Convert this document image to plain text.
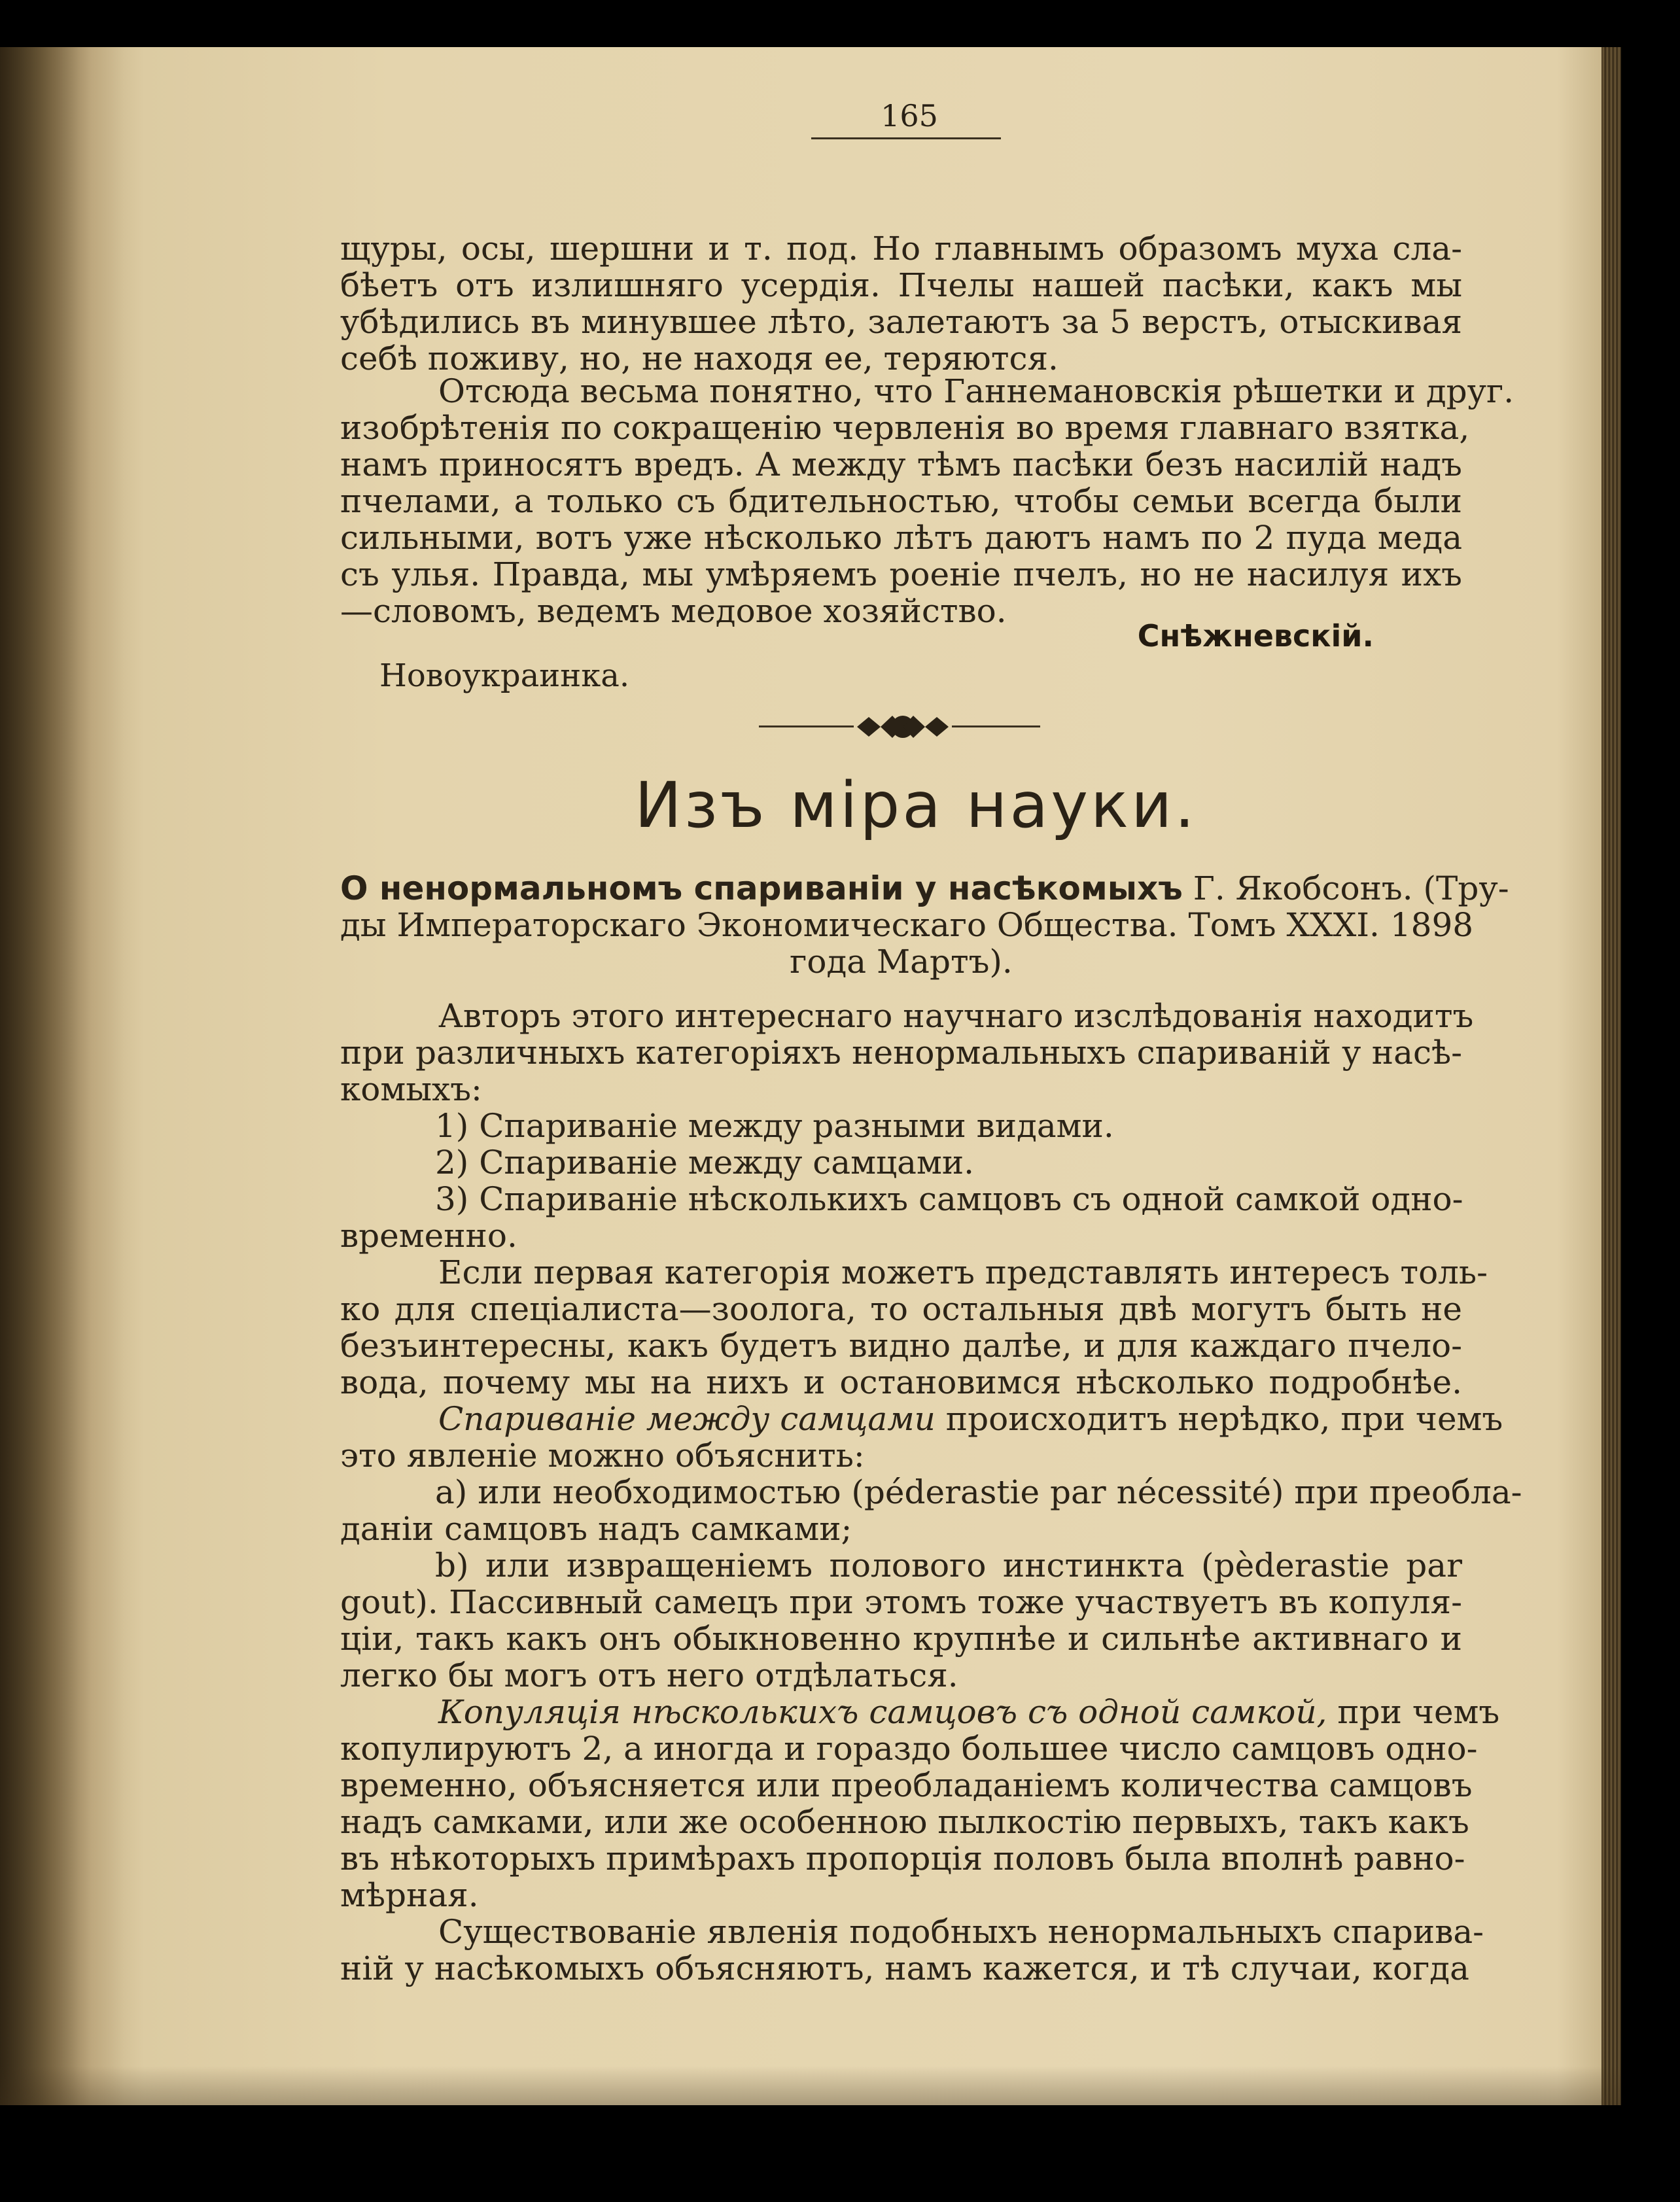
165
щуры, осы, шершни и т. под. Но главнымъ образомъ муха сла-
бѣетъ отъ излишняго усердія. Пчелы нашей пасѣки, какъ мы
убѣдились въ минувшее лѣто, залетаютъ за 5 верстъ, отыскивая
себѣ поживу, но, не находя ее, теряются.
Отсюда весьма понятно, что Ганнемановскія рѣшетки и друг.
изобрѣтенія по сокращенію червленія во время главнаго взятка,
намъ приносятъ вредъ. А между тѣмъ пасѣки безъ насилій надъ
пчелами, а только съ бдительностью, чтобы семьи всегда были
сильными, вотъ уже нѣсколько лѣтъ даютъ намъ по 2 пуда меда
съ улья. Правда, мы умѣряемъ роеніе пчелъ, но не насилуя ихъ
—словомъ, ведемъ медовое хозяйство.
Снѣжневскій.
Новоукраинка.
Изъ міра науки.
О ненормальномъ спариваніи у насѣкомыхъ Г. Якобсонъ. (Тру-
ды Императорскаго Экономическаго Общества. Томъ XXXI. 1898
года Мартъ).
Авторъ этого интереснаго научнаго изслѣдованія находитъ
при различныхъ категоріяхъ ненормальныхъ спариваній у насѣ-
комыхъ:
1) Спариваніе между разными видами.
2) Спариваніе между самцами.
3) Спариваніе нѣсколькихъ самцовъ съ одной самкой одно-
временно.
Если первая категорія можетъ представлять интересъ толь-
ко для спеціалиста—зоолога, то остальныя двѣ могутъ быть не
безъинтересны, какъ будетъ видно далѣе, и для каждаго пчело-
вода, почему мы на нихъ и остановимся нѣсколько подробнѣе.
Спариваніе между самцами происходитъ нерѣдко, при чемъ
это явленіе можно объяснить:
а) или необходимостью (pédеrastie par nécessité) при преобла-
даніи самцовъ надъ самками;
b) или извращеніемъ полового инстинкта (pèderastie par
gout). Пассивный самецъ при этомъ тоже участвуетъ въ копуля-
ціи, такъ какъ онъ обыкновенно крупнѣе и сильнѣе активнаго и
легко бы могъ отъ него отдѣлаться.
Копуляція нѣсколькихъ самцовъ съ одной самкой, при чемъ
копулируютъ 2, а иногда и гораздо большее число самцовъ одно-
временно, объясняется или преобладаніемъ количества самцовъ
надъ самками, или же особенною пылкостію первыхъ, такъ какъ
въ нѣкоторыхъ примѣрахъ пропорція половъ была вполнѣ равно-
мѣрная.
Существованіе явленія подобныхъ ненормальныхъ спарива-
ній у насѣкомыхъ объясняютъ, намъ кажется, и тѣ случаи, когда
